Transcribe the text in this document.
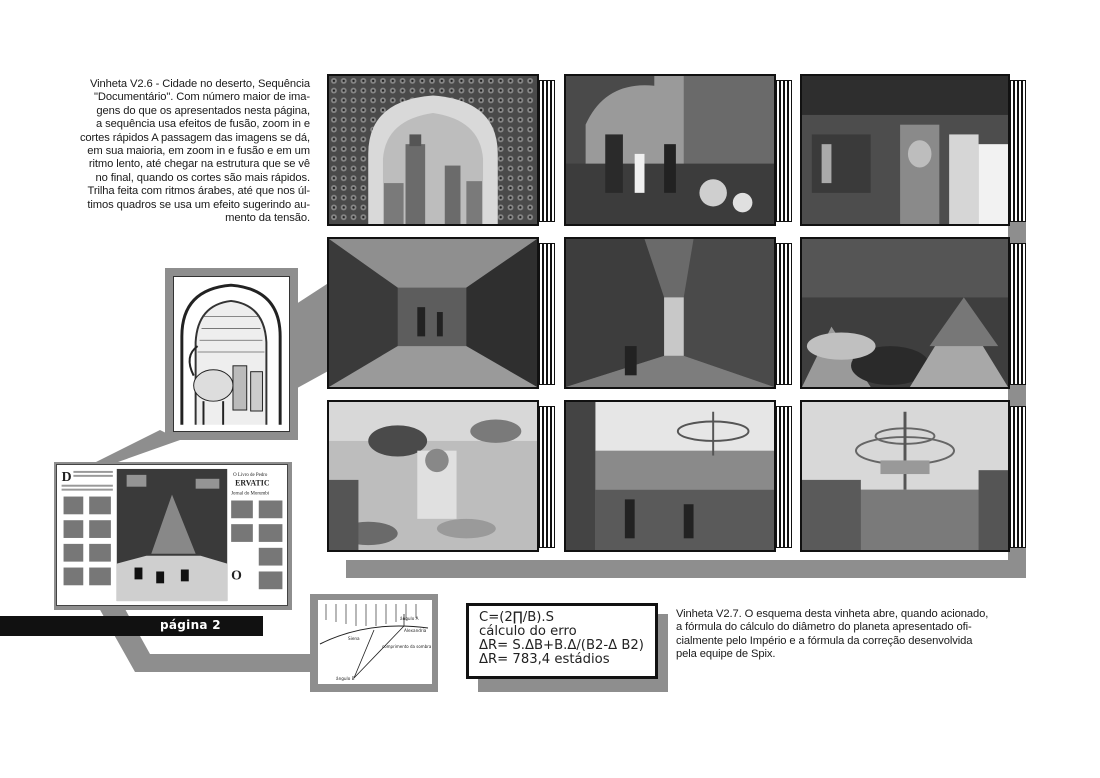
Vinheta V2.6 - Cidade no deserto, Sequência
"Documentário". Com número maior de ima-
gens do que os apresentados nesta página,
a sequência usa efeitos de fusão, zoom in e
cortes rápidos A passagem das imagens se dá,
em sua maioria, em zoom in e fusão e em um
ritmo lento, até chegar na estrutura que se vê
no final, quando os cortes são mais rápidos.
Trilha feita com ritmos árabes, até que nos úl-
timos quadros se usa um efeito sugerindo au-
mento da tensão.
D	O Livro de Pedro
ERVATIC
Jornal do Morumbi
O
página 2	ângulo A
Alexandria
Siena
comprimento da sombra
ângulo B
C=(2∏/B).S
cálculo do erro
ΔR= S.ΔB+B.Δ/(B2-Δ B2)
ΔR= 783,4 estádios
Vinheta V2.7. O esquema desta vinheta abre, quando acionado,
a fórmula do cálculo do diâmetro do planeta apresentado ofi-
cialmente pelo Império e a fórmula da correção desenvolvida
pela equipe de Spix.
